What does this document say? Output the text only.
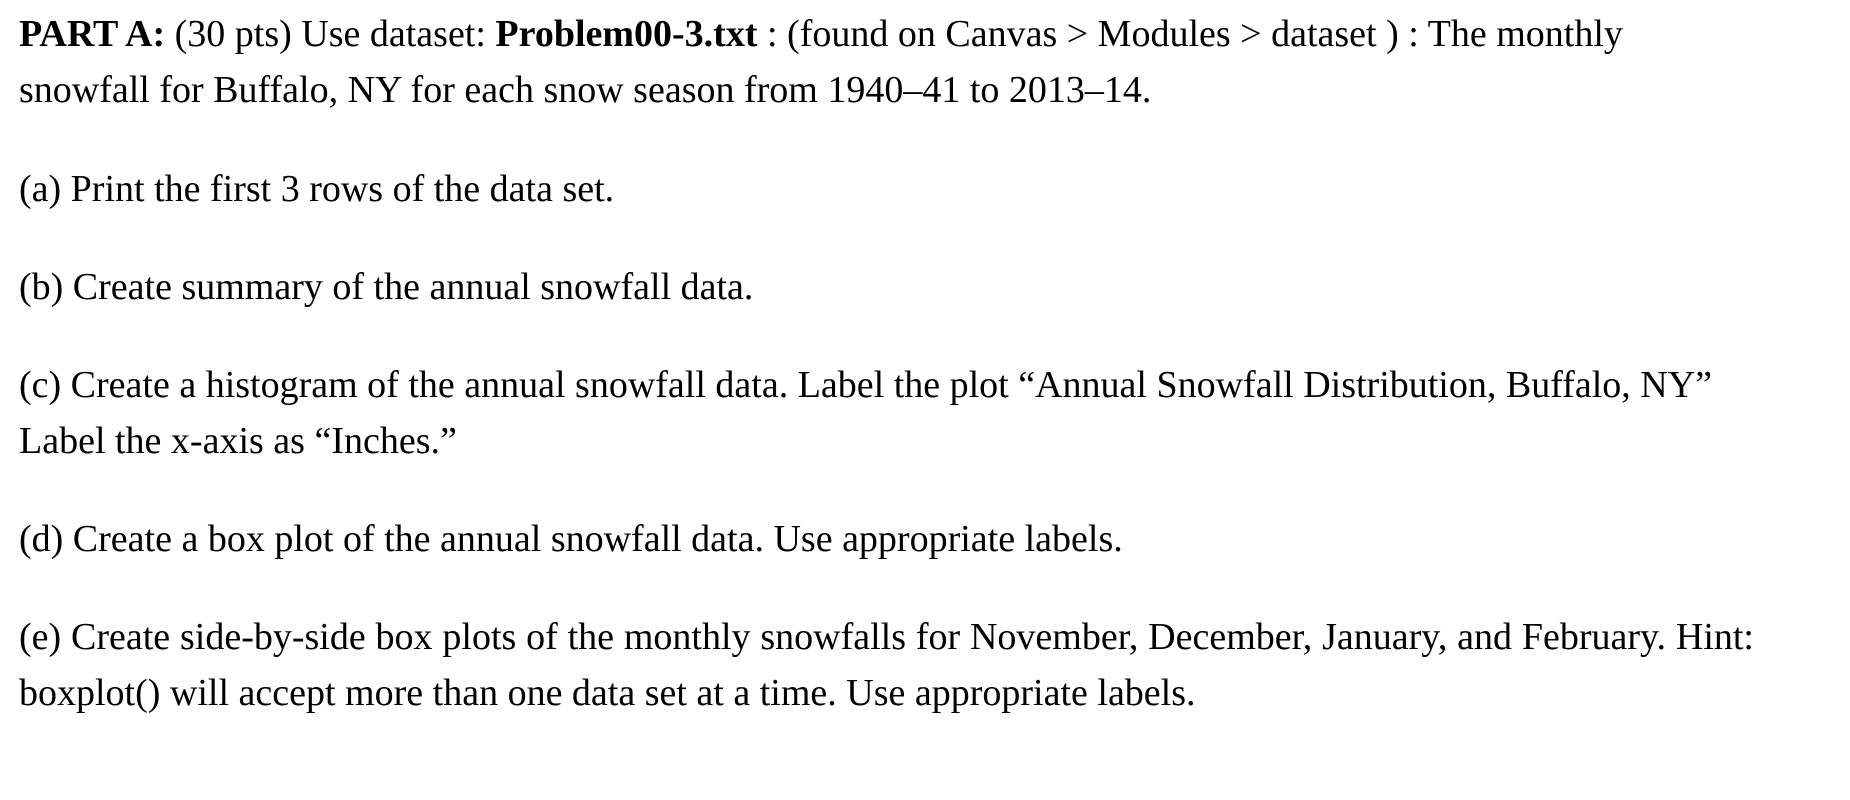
PART A: (30 pts) Use dataset: Problem00-3.txt : (found on Canvas > Modules > dataset ) : The monthly snowfall for Buffalo, NY for each snow season from 1940–41 to 2013–14.

(a) Print the first 3 rows of the data set.

(b) Create summary of the annual snowfall data.

(c) Create a histogram of the annual snowfall data. Label the plot “Annual Snowfall Distribution, Buffalo, NY” Label the x-axis as “Inches.”

(d) Create a box plot of the annual snowfall data. Use appropriate labels.

(e) Create side-by-side box plots of the monthly snowfalls for November, December, January, and February. Hint: boxplot() will accept more than one data set at a time. Use appropriate labels.
